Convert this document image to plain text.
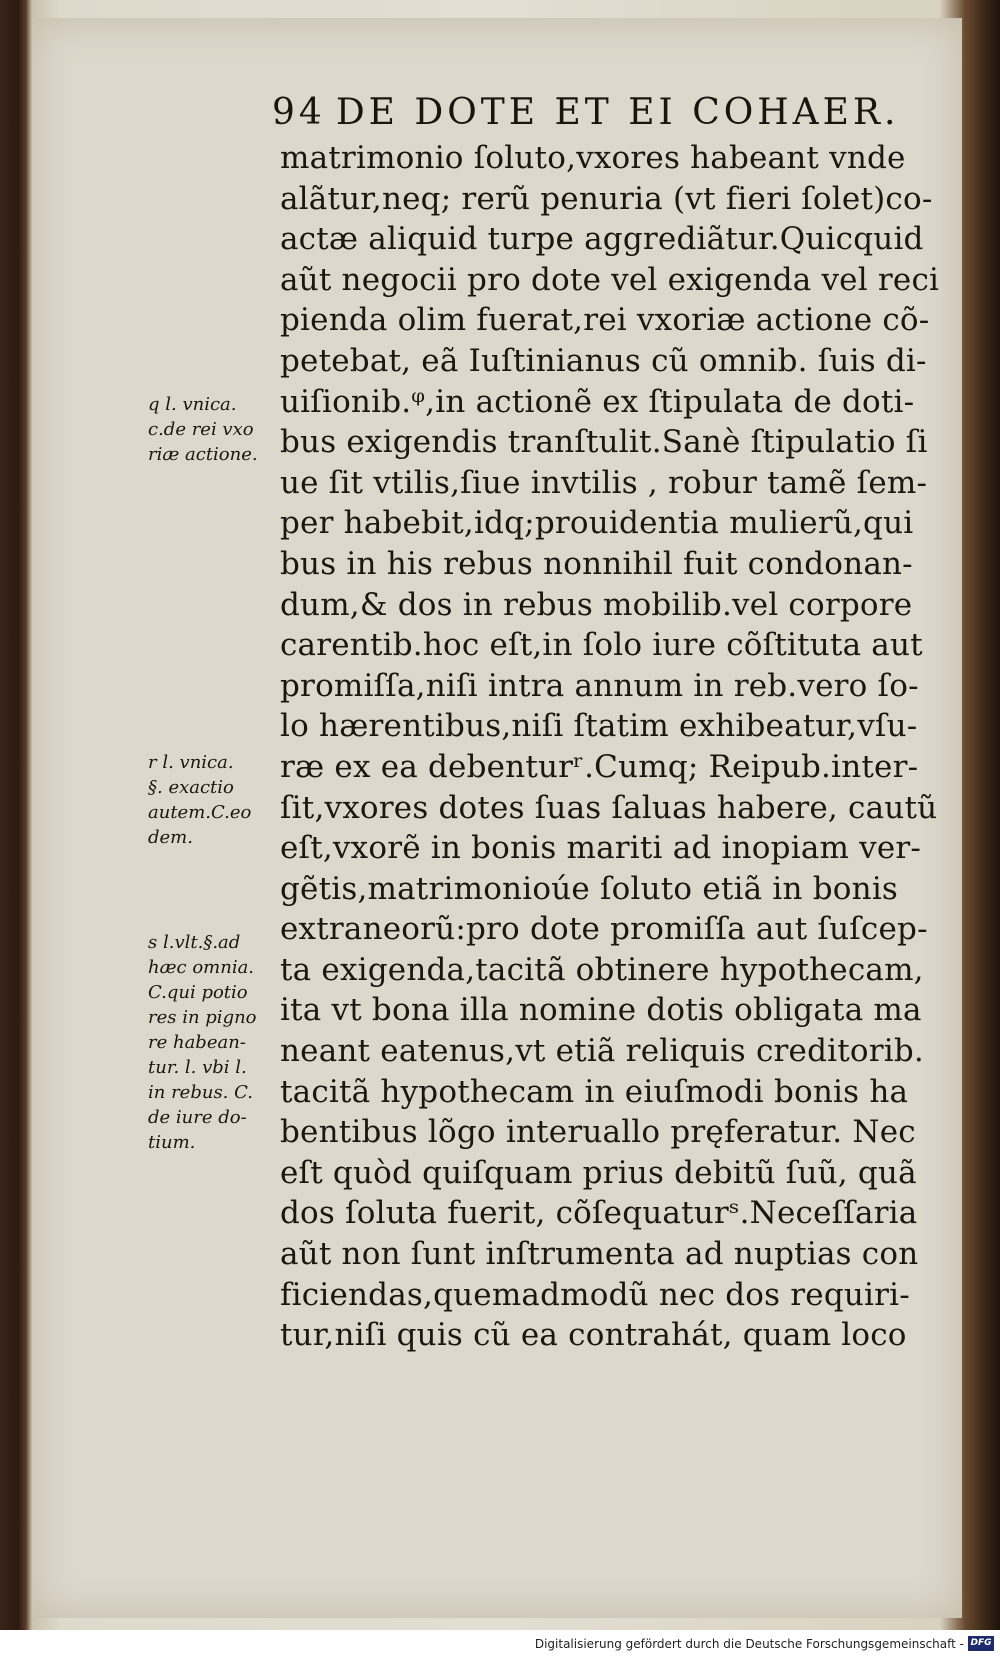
94 DE DOTE ET EI COHAER.
matrimonio ſoluto,vxores habeant vnde
alãtur,neq; rerũ penuria (vt fieri ſolet)co-
actæ aliquid turpe aggrediãtur.Quicquid
aũt negocii pro dote vel exigenda vel reci
pienda olim fuerat,rei vxoriæ actione cõ-
petebat, eã Iuſtinianus cũ omnib. ſuis di-
uiſionib.ᵠ,in actionẽ ex ſtipulata de doti-
bus exigendis tranſtulit.Sanè ſtipulatio ſi
ue ſit vtilis,ſiue invtilis , robur tamẽ ſem-
per habebit,idq;prouidentia mulierũ,qui
bus in his rebus nonnihil fuit condonan-
dum,& dos in rebus mobilib.vel corpore
carentib.hoc eſt,in ſolo iure cõſtituta aut
promiſſa,niſi intra annum in reb.vero ſo-
lo hærentibus,niſi ſtatim exhibeatur,vſu-
ræ ex ea debenturʳ.Cumq; Reipub.inter-
ſit,vxores dotes ſuas ſaluas habere, cautũ
eſt,vxorẽ in bonis mariti ad inopiam ver-
gẽtis,matrimonioúe ſoluto etiã in bonis
extraneorũ:pro dote promiſſa aut ſuſcep-
ta exigenda,tacitã obtinere hypothecam,
ita vt bona illa nomine dotis obligata ma
neant eatenus,vt etiã reliquis creditorib.
tacitã hypothecam in eiuſmodi bonis ha
bentibus lõgo interuallo pręferatur. Nec
eſt quòd quiſquam prius debitũ ſuũ, quã
dos ſoluta fuerit, cõſequaturˢ.Neceſſaria
aũt non ſunt inſtrumenta ad nuptias con
ficiendas,quemadmodũ nec dos requiri-
tur,niſi quis cũ ea contrahát, quam loco
q l. vnica.
c.de rei vxo
riæ actione.
r l. vnica.
§. exactio
autem.C.eo
dem.
s l.vlt.§.ad
hæc omnia.
C.qui potio
res in pigno
re habean-
tur. l. vbi l.
in rebus. C.
de iure do-
tium.
Digitalisierung gefördert durch die Deutsche Forschungsgemeinschaft - DFG
